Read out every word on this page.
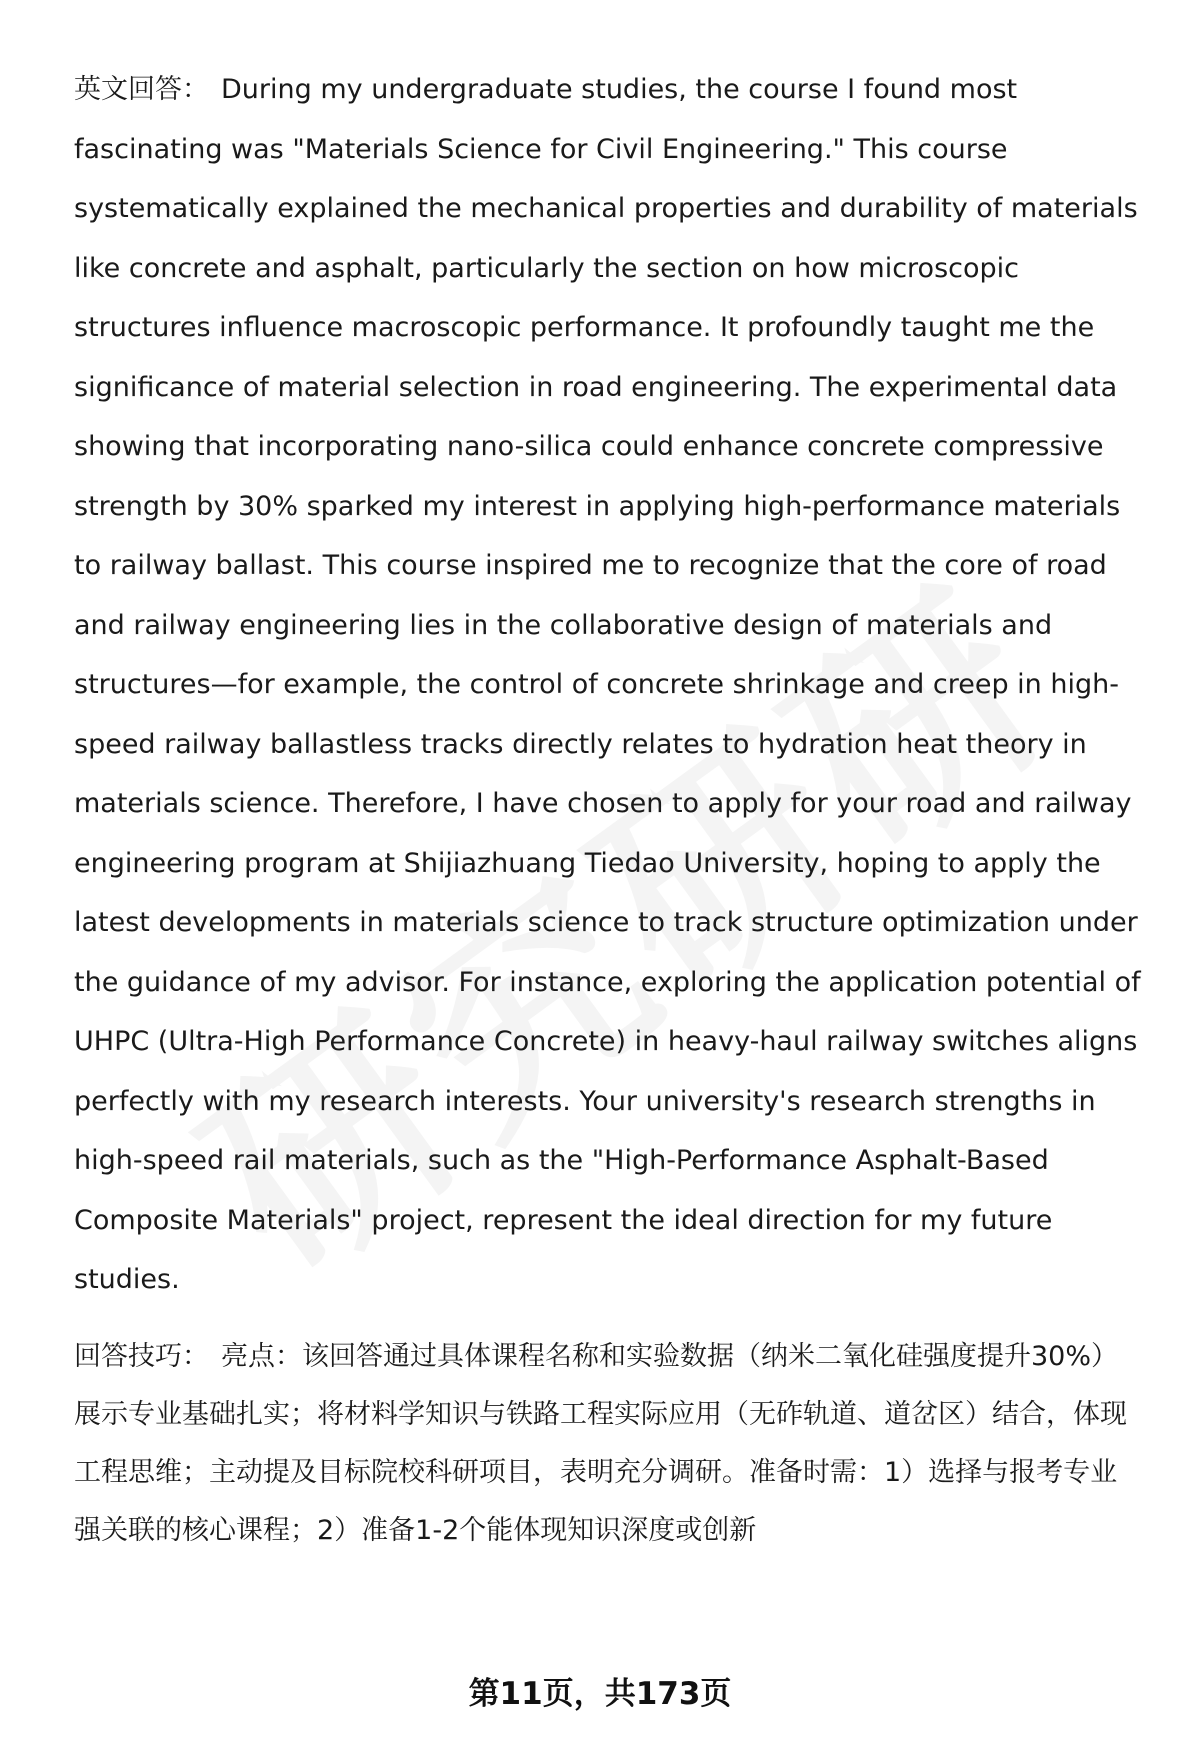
英文回答： During my undergraduate studies, the course I found most fascinating was "Materials Science for Civil Engineering." This course systematically explained the mechanical properties and durability of materials like concrete and asphalt, particularly the section on how microscopic structures influence macroscopic performance. It profoundly taught me the significance of material selection in road engineering. The experimental data showing that incorporating nano-silica could enhance concrete compressive strength by 30% sparked my interest in applying high-performance materials to railway ballast. This course inspired me to recognize that the core of road and railway engineering lies in the collaborative design of materials and structures—for example, the control of concrete shrinkage and creep in high-speed railway ballastless tracks directly relates to hydration heat theory in materials science. Therefore, I have chosen to apply for your road and railway engineering program at Shijiazhuang Tiedao University, hoping to apply the latest developments in materials science to track structure optimization under the guidance of my advisor. For instance, exploring the application potential of UHPC (Ultra-High Performance Concrete) in heavy-haul railway switches aligns perfectly with my research interests. Your university's research strengths in high-speed rail materials, such as the "High-Performance Asphalt-Based Composite Materials" project, represent the ideal direction for my future studies.

回答技巧： 亮点：该回答通过具体课程名称和实验数据（纳米二氧化硅强度提升30%）展示专业基础扎实；将材料学知识与铁路工程实际应用（无砟轨道、道岔区）结合，体现工程思维；主动提及目标院校科研项目，表明充分调研。准备时需：1）选择与报考专业强关联的核心课程；2）准备1-2个能体现知识深度或创新

第11页，共173页
